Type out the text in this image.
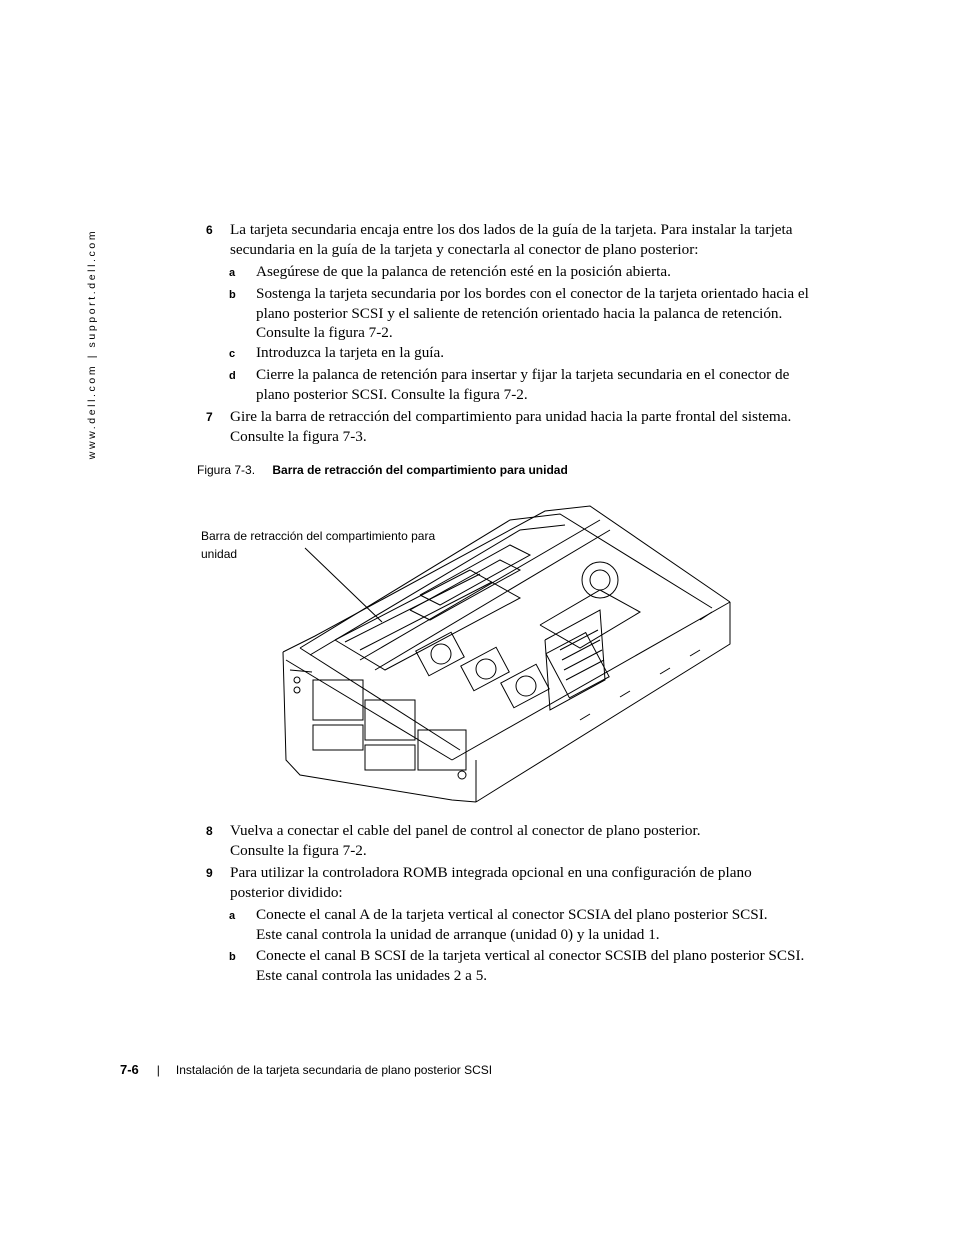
www.dell.com | support.dell.com	6 La tarjeta secundaria encaja entre los dos lados de la guía de la tarjeta. Para instalar la tarjeta secundaria en la guía de la tarjeta y conectarla al conector de plano posterior:
a Asegúrese de que la palanca de retención esté en la posición abierta.
b Sostenga la tarjeta secundaria por los bordes con el conector de la tarjeta orientado hacia el plano posterior SCSI y el saliente de retención orientado hacia la palanca de retención. Consulte la figura 7-2.
c Introduzca la tarjeta en la guía.
d Cierre la palanca de retención para insertar y fijar la tarjeta secundaria en el conector de plano posterior SCSI. Consulte la figura 7-2.
7 Gire la barra de retracción del compartimiento para unidad hacia la parte frontal del sistema. Consulte la figura 7-3.
Figura 7-3. Barra de retracción del compartimiento para unidad
Barra de retracción del compartimiento para unidad
8 Vuelva a conectar el cable del panel de control al conector de plano posterior. Consulte la figura 7-2.
9 Para utilizar la controladora ROMB integrada opcional en una configuración de plano posterior dividido:
a Conecte el canal A de la tarjeta vertical al conector SCSIA del plano posterior SCSI. Este canal controla la unidad de arranque (unidad 0) y la unidad 1.
b Conecte el canal B SCSI de la tarjeta vertical al conector SCSIB del plano posterior SCSI. Este canal controla las unidades 2 a 5.
7-6 | Instalación de la tarjeta secundaria de plano posterior SCSI
